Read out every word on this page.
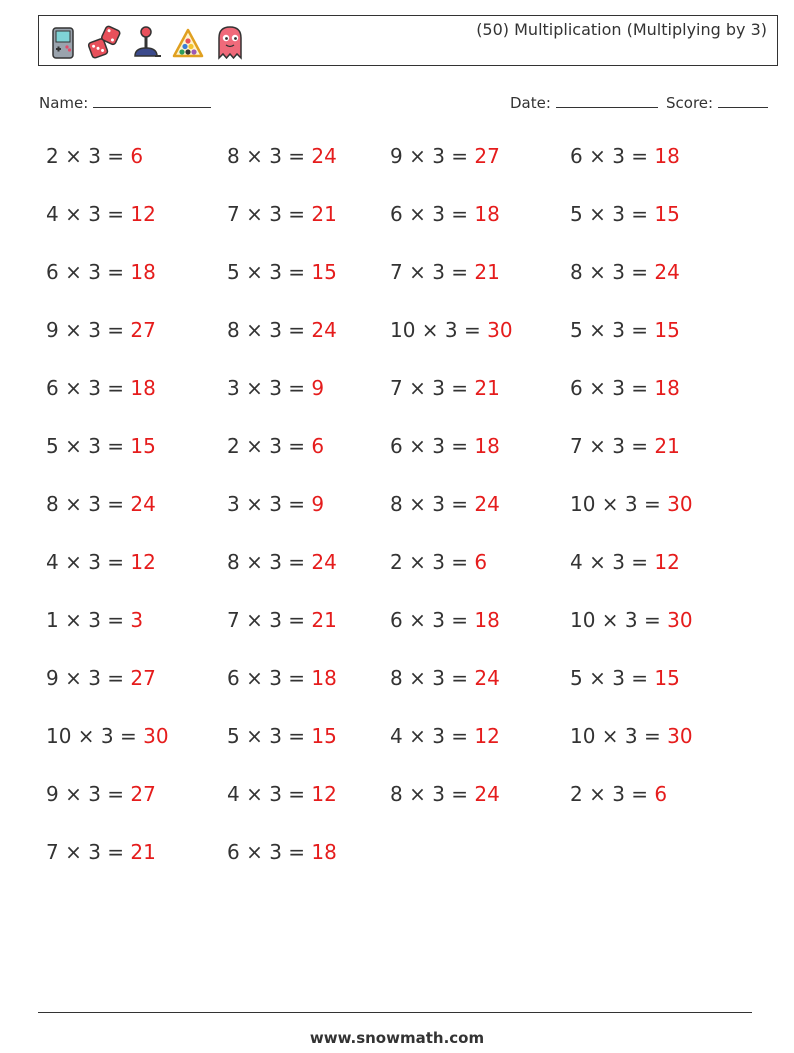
(50) Multiplication (Multiplying by 3)
Name:	Date:	Score:
2 × 3 = 6	8 × 3 = 24	9 × 3 = 27	6 × 3 = 18
4 × 3 = 12	7 × 3 = 21	6 × 3 = 18	5 × 3 = 15
6 × 3 = 18	5 × 3 = 15	7 × 3 = 21	8 × 3 = 24
9 × 3 = 27	8 × 3 = 24	10 × 3 = 30	5 × 3 = 15
6 × 3 = 18	3 × 3 = 9	7 × 3 = 21	6 × 3 = 18
5 × 3 = 15	2 × 3 = 6	6 × 3 = 18	7 × 3 = 21
8 × 3 = 24	3 × 3 = 9	8 × 3 = 24	10 × 3 = 30
4 × 3 = 12	8 × 3 = 24	2 × 3 = 6	4 × 3 = 12
1 × 3 = 3	7 × 3 = 21	6 × 3 = 18	10 × 3 = 30
9 × 3 = 27	6 × 3 = 18	8 × 3 = 24	5 × 3 = 15
10 × 3 = 30	5 × 3 = 15	4 × 3 = 12	10 × 3 = 30
9 × 3 = 27	4 × 3 = 12	8 × 3 = 24	2 × 3 = 6
7 × 3 = 21	6 × 3 = 18
www.snowmath.com
